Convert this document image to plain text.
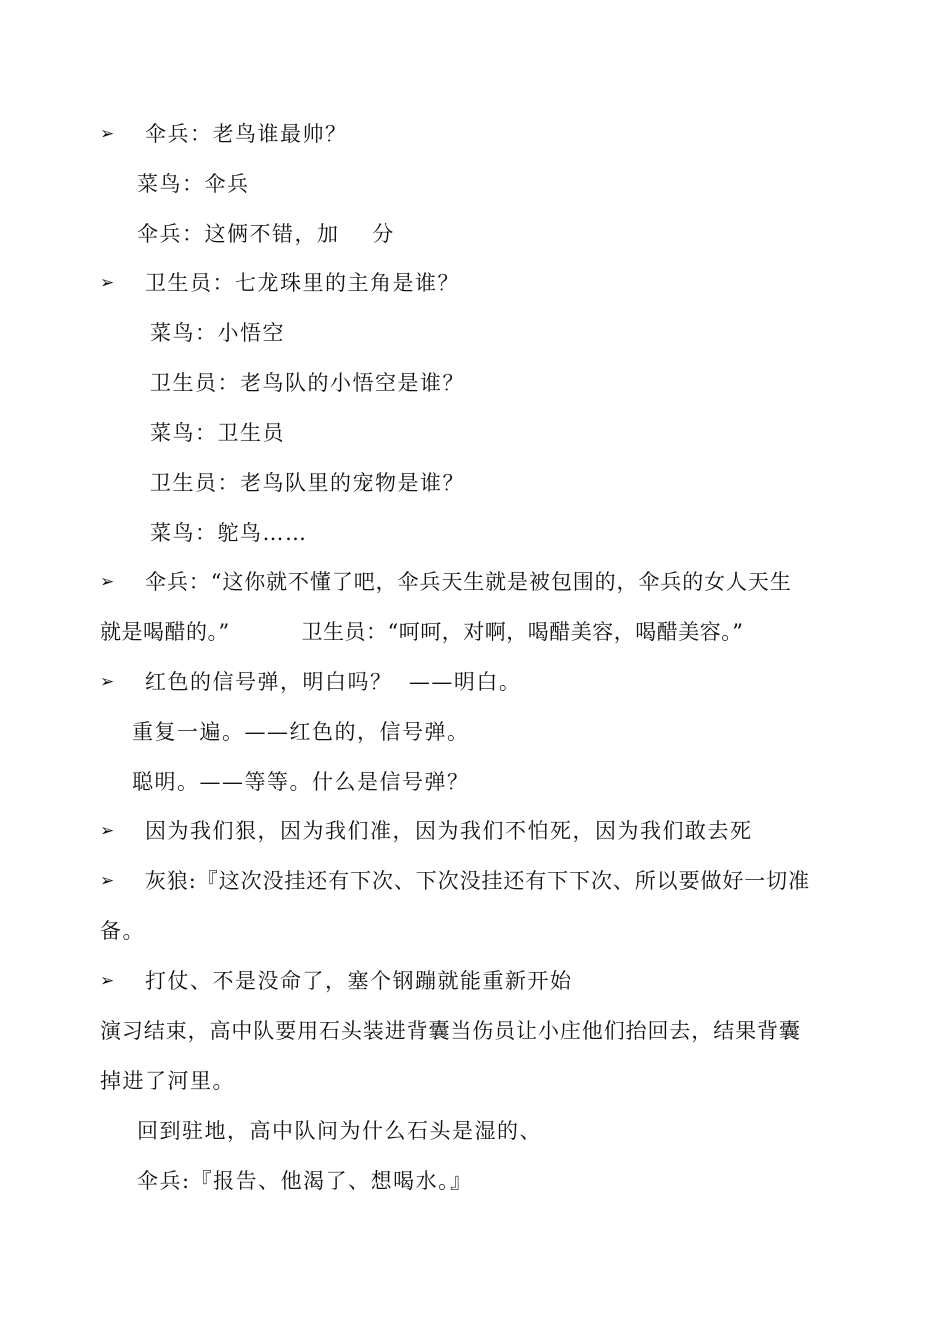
➢
➢
➢
➢
➢
➢
➢
伞兵：老鸟谁最帅？
菜鸟：伞兵
伞兵：这俩不错，加    分
卫生员：七龙珠里的主角是谁？
菜鸟：小悟空
卫生员：老鸟队的小悟空是谁？
菜鸟：卫生员
卫生员：老鸟队里的宠物是谁？
菜鸟：鸵鸟……
伞兵：“这你就不懂了吧，伞兵天生就是被包围的，伞兵的女人天生
就是喝醋的。”          卫生员：“呵呵，对啊，喝醋美容，喝醋美容。”
红色的信号弹，明白吗？  ——明白。
重复一遍。——红色的，信号弹。
聪明。——等等。什么是信号弹？
因为我们狠，因为我们准，因为我们不怕死，因为我们敢去死
灰狼:『这次没挂还有下次、下次没挂还有下下次、所以要做好一切准
备。
打仗、不是没命了，塞个钢蹦就能重新开始
演习结束，高中队要用石头装进背囊当伤员让小庄他们抬回去，结果背囊
掉进了河里。
回到驻地，高中队问为什么石头是湿的、
伞兵:『报告、他渴了、想喝水。』
